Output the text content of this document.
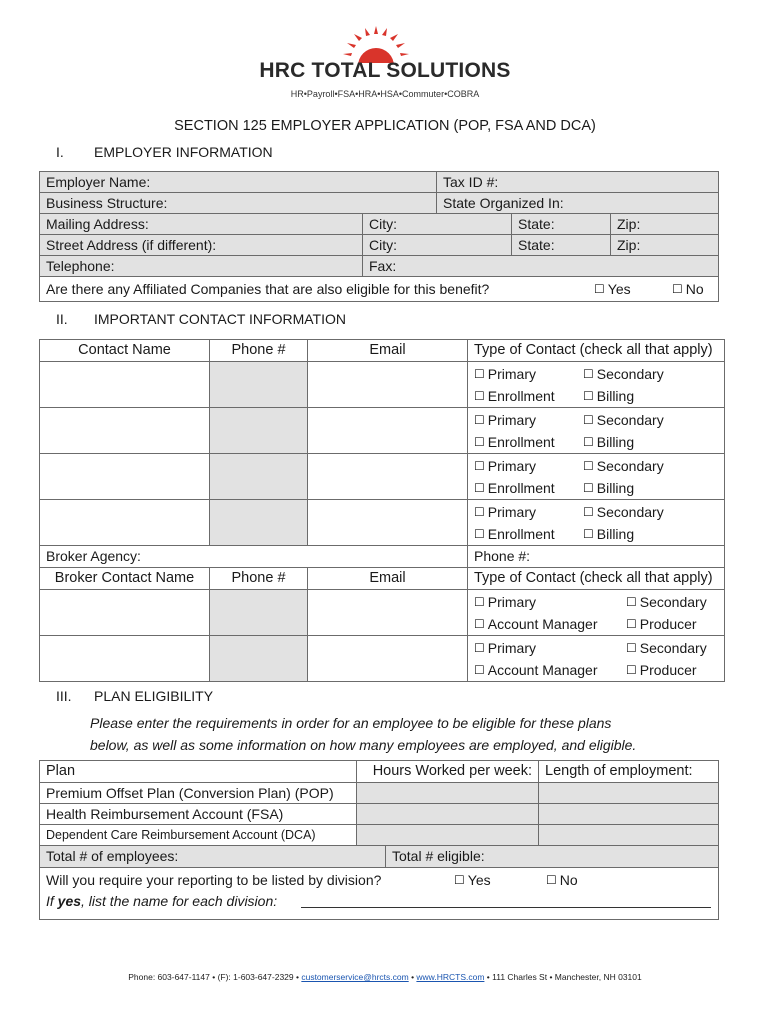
HRC TOTAL SOLUTIONS
HR•Payroll•FSA•HRA•HSA•Commuter•COBRA
SECTION 125 EMPLOYER APPLICATION (POP, FSA AND DCA)
I. EMPLOYER INFORMATION
Employer Name:	Tax ID #:
Business Structure:	State Organized In:
Mailing Address:	City:	State:	Zip:
Street Address (if different):	City:	State:	Zip:
Telephone:	Fax:
Are there any Affiliated Companies that are also eligible for this benefit?	☐ Yes	☐ No
II. IMPORTANT CONTACT INFORMATION
Contact Name	Phone #	Email	Type of Contact (check all that apply)
☐ Primary	☐ Secondary
☐ Enrollment ☐ Billing
☐ Primary	☐ Secondary
☐ Enrollment ☐ Billing
☐ Primary	☐ Secondary
☐ Enrollment ☐ Billing
☐ Primary	☐ Secondary
☐ Enrollment ☐ Billing
Broker Agency:	Phone #:
Broker Contact Name	Phone #	Email	Type of Contact (check all that apply)
☐ Primary	☐ Secondary
☐ Account Manager ☐ Producer
☐ Primary	☐ Secondary
☐ Account Manager ☐ Producer
III. PLAN ELIGIBILITY
Please enter the requirements in order for an employee to be eligible for these plans
below, as well as some information on how many employees are employed, and eligible.
Plan	Hours Worked per week: Length of employment:
Premium Offset Plan (Conversion Plan) (POP)
Health Reimbursement Account (FSA)
Dependent Care Reimbursement Account (DCA)
Total # of employees:	Total # eligible:
Will you require your reporting to be listed by division?	☐ Yes	☐ No
If yes, list the name for each division:
Phone: 603-647-1147 • (F): 1-603-647-2329 • customerservice@hrcts.com • www.HRCTS.com • 111 Charles St • Manchester, NH 03101
